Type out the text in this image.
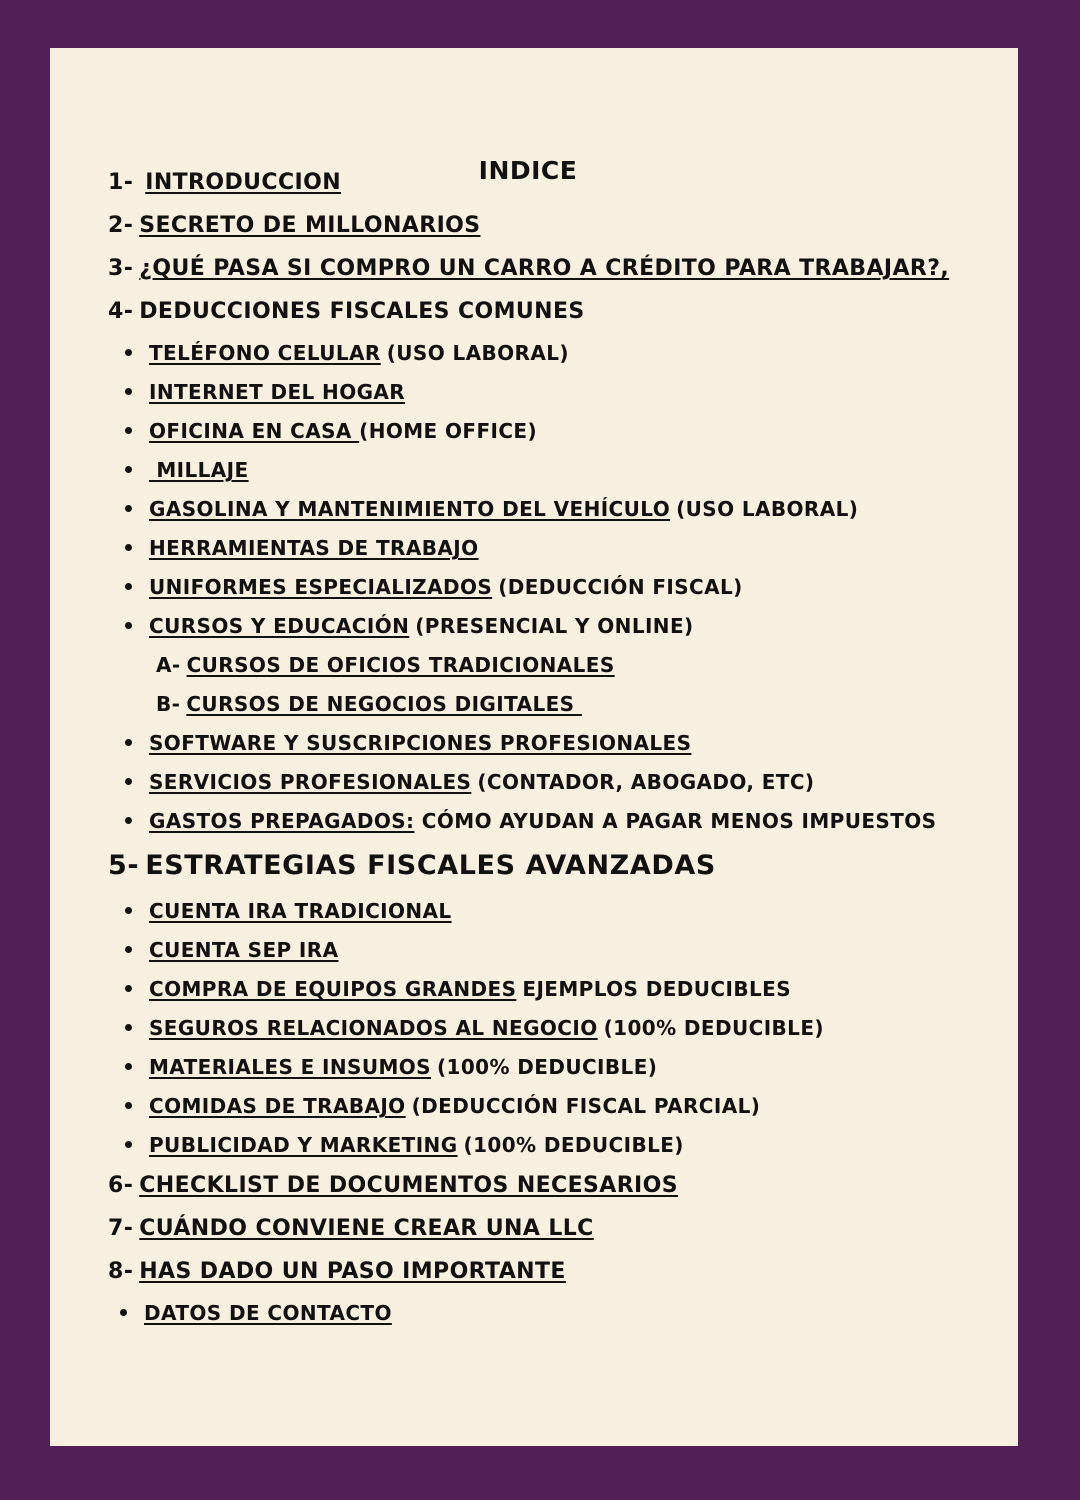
INDICE
1- INTRODUCCION
2- SECRETO DE MILLONARIOS
3- ¿QUÉ PASA SI COMPRO UN CARRO A CRÉDITO PARA TRABAJAR?,
4- DEDUCCIONES FISCALES COMUNES
TELÉFONO CELULAR (USO LABORAL)
INTERNET DEL HOGAR
OFICINA EN CASA (HOME OFFICE)
MILLAJE
GASOLINA Y MANTENIMIENTO DEL VEHÍCULO (USO LABORAL)
HERRAMIENTAS DE TRABAJO
UNIFORMES ESPECIALIZADOS (DEDUCCIÓN FISCAL)
CURSOS Y EDUCACIÓN (PRESENCIAL Y ONLINE)
A- CURSOS DE OFICIOS TRADICIONALES
B- CURSOS DE NEGOCIOS DIGITALES
SOFTWARE Y SUSCRIPCIONES PROFESIONALES
SERVICIOS PROFESIONALES (CONTADOR, ABOGADO, ETC)
GASTOS PREPAGADOS: CÓMO AYUDAN A PAGAR MENOS IMPUESTOS
5- ESTRATEGIAS FISCALES AVANZADAS
CUENTA IRA TRADICIONAL
CUENTA SEP IRA
COMPRA DE EQUIPOS GRANDES EJEMPLOS DEDUCIBLES
SEGUROS RELACIONADOS AL NEGOCIO (100% DEDUCIBLE)
MATERIALES E INSUMOS (100% DEDUCIBLE)
COMIDAS DE TRABAJO (DEDUCCIÓN FISCAL PARCIAL)
PUBLICIDAD Y MARKETING (100% DEDUCIBLE)
6- CHECKLIST DE DOCUMENTOS NECESARIOS
7- CUÁNDO CONVIENE CREAR UNA LLC
8- HAS DADO UN PASO IMPORTANTE
DATOS DE CONTACTO
